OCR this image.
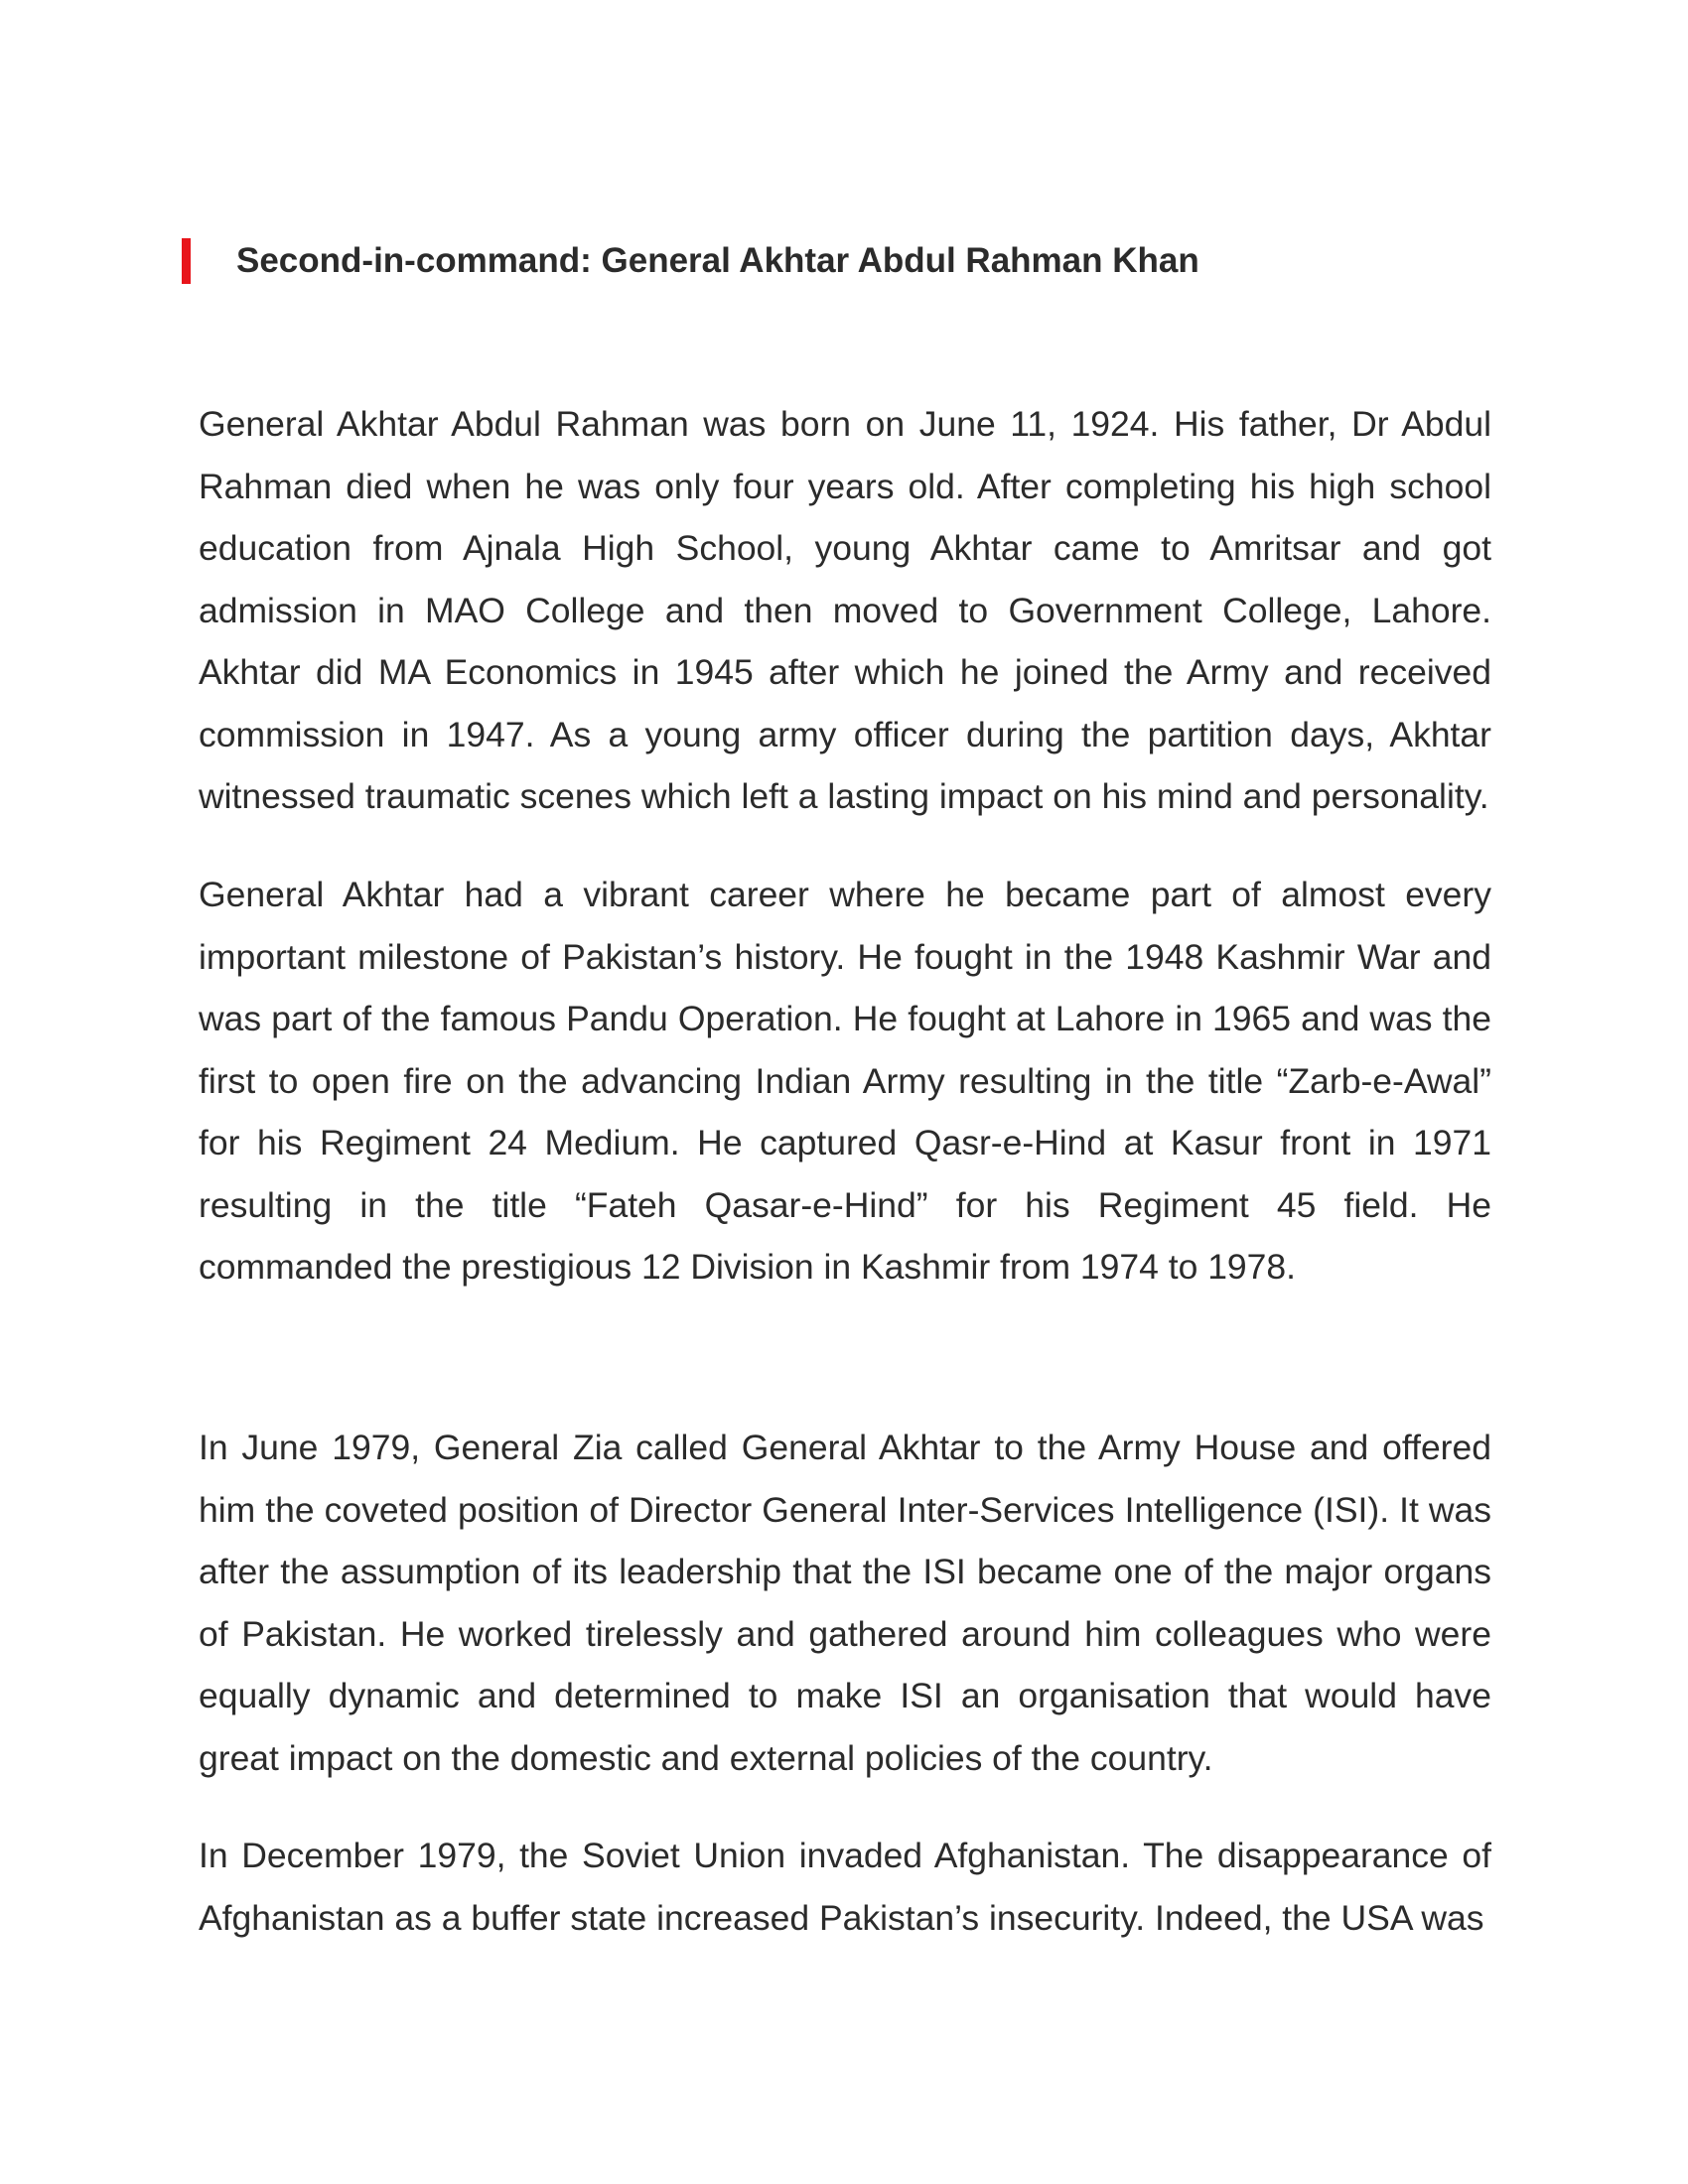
Second-in-command: General Akhtar Abdul Rahman Khan

General Akhtar Abdul Rahman was born on June 11, 1924. His father, Dr Abdul Rahman died when he was only four years old. After completing his high school education from Ajnala High School, young Akhtar came to Amritsar and got admission in MAO College and then moved to Government College, Lahore. Akhtar did MA Economics in 1945 after which he joined the Army and received commission in 1947. As a young army officer during the partition days, Akhtar witnessed traumatic scenes which left a lasting impact on his mind and personality.

General Akhtar had a vibrant career where he became part of almost every important milestone of Pakistan’s history. He fought in the 1948 Kashmir War and was part of the famous Pandu Operation. He fought at Lahore in 1965 and was the first to open fire on the advancing Indian Army resulting in the title “Zarb-e-Awal” for his Regiment 24 Medium. He captured Qasr-e-Hind at Kasur front in 1971 resulting in the title “Fateh Qasar-e-Hind” for his Regiment 45 field. He commanded the prestigious 12 Division in Kashmir from 1974 to 1978.

In June 1979, General Zia called General Akhtar to the Army House and offered him the coveted position of Director General Inter-Services Intelligence (ISI). It was after the assumption of its leadership that the ISI became one of the major organs of Pakistan. He worked tirelessly and gathered around him colleagues who were equally dynamic and determined to make ISI an organisation that would have great impact on the domestic and external policies of the country.

In December 1979, the Soviet Union invaded Afghanistan. The disappearance of Afghanistan as a buffer state increased Pakistan’s insecurity. Indeed, the USA was
